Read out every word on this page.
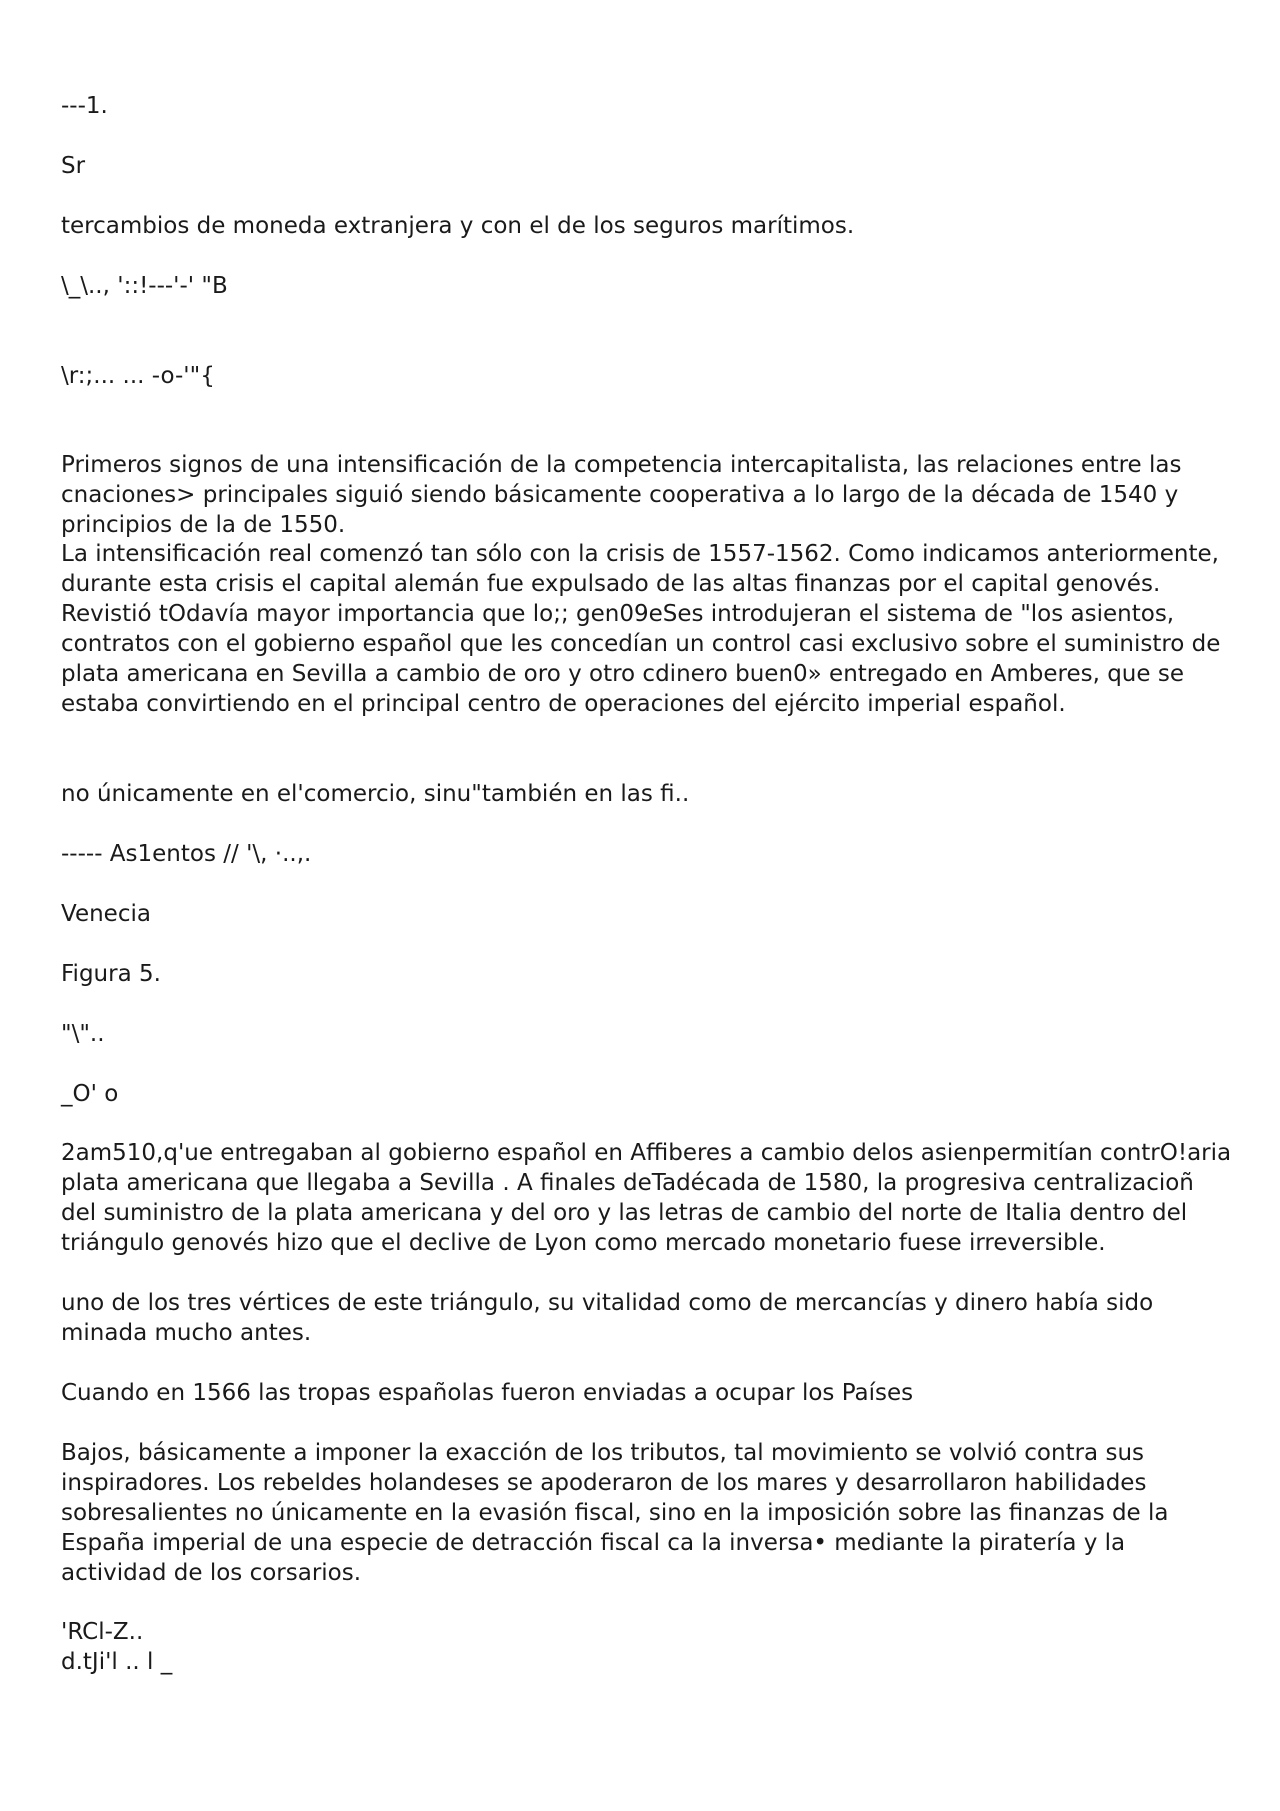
---1.

Sr

tercambios de moneda extranjera y con el de los seguros marítimos.

\_\.., '::!---'-' "B

\r:;... ... -o-'"{

Primeros signos de una intensificación de la competencia intercapitalista, las relaciones entre las cnaciones> principales siguió siendo básicamente cooperativa a lo largo de la década de 1540 y principios de la de 1550.

La intensificación real comenzó tan sólo con la crisis de 1557-1562. Como indicamos anteriormente, durante esta crisis el capital alemán fue expulsado de las altas finanzas por el capital genovés. Revistió tOdavía mayor importancia que lo;; gen09eSes introdujeran el sistema de "los asientos, contratos con el gobierno español que les concedían un control casi exclusivo sobre el suministro de plata americana en Sevilla a cambio de oro y otro cdinero buen0» entregado en Amberes, que se estaba convirtiendo en el principal centro de operaciones del ejército imperial español.

no únicamente en el'comercio, sinu"también en las fi..

----- As1entos // '\, ·..,.

Venecia

Figura 5.

"\"..

_O' o

2am510,q'ue entregaban al gobierno español en Affiberes a cambio delos asienpermitían contrO!aria plata americana que llegaba a Sevilla . A finales deTadécada de 1580, la progresiva centralizacioñ del suministro de la plata americana y del oro y las letras de cambio del norte de Italia dentro del triángulo genovés hizo que el declive de Lyon como mercado monetario fuese irreversible.

uno de los tres vértices de este triángulo, su vitalidad como de mercancías y dinero había sido minada mucho antes.

Cuando en 1566 las tropas españolas fueron enviadas a ocupar los Países

Bajos, básicamente a imponer la exacción de los tributos, tal movimiento se volvió contra sus inspiradores. Los rebeldes holandeses se apoderaron de los mares y desarrollaron habilidades sobresalientes no únicamente en la evasión fiscal, sino en la imposición sobre las finanzas de la España imperial de una especie de detracción fiscal ca la inversa• mediante la piratería y la actividad de los corsarios.

'RCl-Z..

d.tJi'l .. l _
